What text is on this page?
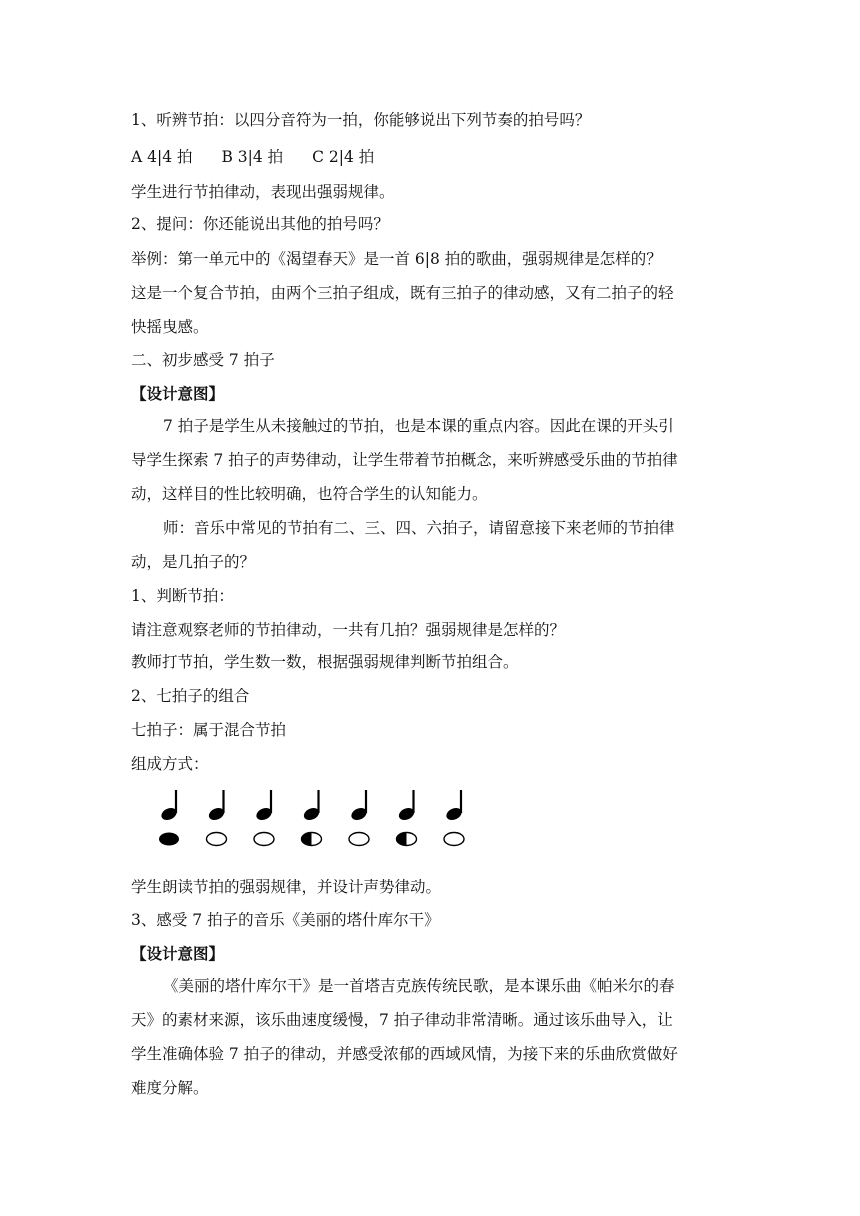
1、听辨节拍：以四分音符为一拍，你能够说出下列节奏的拍号吗？
A 4|4 拍 B 3|4 拍 C 2|4 拍
学生进行节拍律动，表现出强弱规律。
2、提问：你还能说出其他的拍号吗？
举例：第一单元中的《渴望春天》是一首 6|8 拍的歌曲，强弱规律是怎样的？
这是一个复合节拍，由两个三拍子组成，既有三拍子的律动感，又有二拍子的轻
快摇曳感。
二、初步感受 7 拍子
【设计意图】
7 拍子是学生从未接触过的节拍，也是本课的重点内容。因此在课的开头引
导学生探索 7 拍子的声势律动，让学生带着节拍概念，来听辨感受乐曲的节拍律
动，这样目的性比较明确，也符合学生的认知能力。
师：音乐中常见的节拍有二、三、四、六拍子，请留意接下来老师的节拍律
动，是几拍子的？
1、判断节拍：
请注意观察老师的节拍律动，一共有几拍？强弱规律是怎样的？
教师打节拍，学生数一数，根据强弱规律判断节拍组合。
2、七拍子的组合
七拍子：属于混合节拍
组成方式：
学生朗读节拍的强弱规律，并设计声势律动。
3、感受 7 拍子的音乐《美丽的塔什库尔干》
【设计意图】
《美丽的塔什库尔干》是一首塔吉克族传统民歌，是本课乐曲《帕米尔的春
天》的素材来源，该乐曲速度缓慢，7 拍子律动非常清晰。通过该乐曲导入，让
学生准确体验 7 拍子的律动，并感受浓郁的西域风情，为接下来的乐曲欣赏做好
难度分解。
